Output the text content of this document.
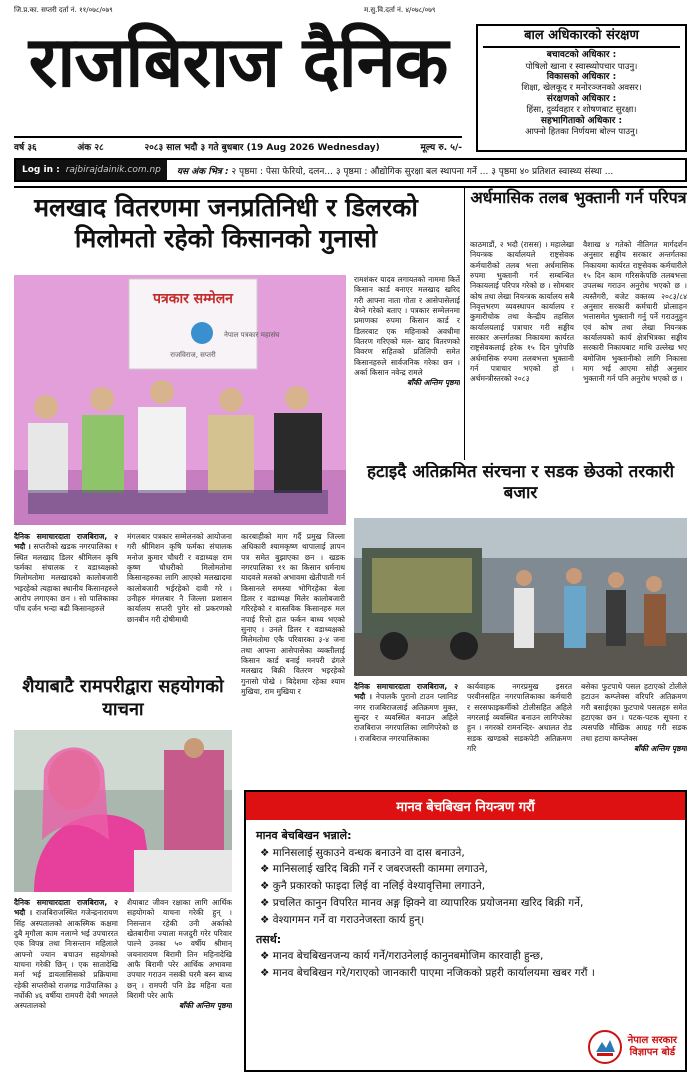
जि.प्र.का. सप्तरी दर्ता नं. ११/०७८/०७९	म.सु.वि.दर्ता नं. ४/०७८/०७९
राजबिराज दैनिक
वर्ष ३६	अंक २८	२०८३ साल भदौ ३ गते बुधबार (19 Aug 2026 Wednesday)	मूल्य रु. ५/-
बाल अधिकारको संरक्षण
बचावटको अधिकार :
पोषिलो खाना र स्वास्थ्योपचार पाउनु।
विकासको अधिकार :
शिक्षा, खेलकूद र मनोरञ्जनको अवसर।
संरक्षणको अधिकार :
हिंसा, दुर्व्यवहार र शोषणबाट सुरक्षा।
सहभागिताको अधिकार :
आफ्नो हितका निर्णयमा बोल्न पाउनु।
Log in : rajbirajdainik.com.np	यस अंक भित्र : २ पृष्ठमा : पेसा फेरियो, दलन... ३ पृष्ठमा : औद्योगिक सुरक्षा बल स्थापना गर्ने ... ३ पृष्ठमा ४० प्रतिशत स्वास्थ्य संस्था ...
मलखाद वितरणमा जनप्रतिनिधी र डिलरको मिलोमतो रहेको किसानको गुनासो
पत्रकार सम्मेलन
नेपाल पत्रकार महासंघ
राजविराज, सप्तरी
दैनिक समाचारदाता राजबिराज, २ भदौ । सप्तरीको खडक नगरपालिका १ स्थित मलखाद डिलर श्रीमिलन कृषि फर्मका संचालक र वडाध्यक्षको मिलोमतोमा मलखादको कालोबजारी भइरहेको त्यहाका स्थानीय किसानहरुले आरोप लगाएका छन । सो पालिकाका पाँच दर्जन भन्दा बढी किसानहरुले
मंगलबार पत्रकार सम्मेलनको आयोजना गरी श्रीमिशन कृषि फर्मका संचालक मनोज कुमार चौधरी र वडाध्यक्ष राम कृष्ण चौधरीको मिलोमतोमा किसानहरुका लागि आएको मलखादमा कालोबजारी भईरहेको दावी गरे । उनीहरु मंगलबार नै जिल्ला प्रशासन कार्यालय सप्तरी पुगेर सो प्रकरणको छानबीन गरी दोषीमाथी
कारबाहीको माग गर्दै प्रमुख जिल्ला अधिकारी श्यामकृष्ण थापालाई ज्ञापन पत्र समेत बुझाएका छन । खडक नगरपालिका ११ का किसान धर्मनाथ यादवले मलको अभावमा खेतीपाती गर्न किसानले समस्या भोगिरहेका बेला डिलर र वडाध्यक्ष मिलेर कालोबजारी गरिरहेको र वास्तविक किसानहरु मल नपाई रित्तो हात फर्कन बाध्य भएको सुनाए । उनले डिलर र वडाध्यक्षको मिलेमतोमा एकै परिवारका ३-४ जना तथा आफ्ना आसेपासेका व्यक्तीलाई किसान कार्ड बनाई मनपरी ढंगले मलखाद बिक्री वितरण भइरहेको गुनासो पोखे । बिदेशमा रहेका श्याम मुखिया, राम मुखिया र
रामशंकर यादव लगायतको नाममा किर्ते किसान कार्ड बनाएर मलखाद खरिद गरी आफ्ना नाता गोता र आसेपासेलाई बेच्ने गरेको बताए । पत्रकार सम्मेलनमा प्रमाणका रुपमा किसान कार्ड र डिलरबाट एक महिनाको अवधीमा वितरण गरिएको मल- खाद वितरणको विवरण सहितको प्रतिलिपी समेत किसानहरुले सार्वजनिक गरेका छन । अर्का किसान नवेन्द्र रामले
बाँकी अन्तिम पृष्ठमा
अर्धमासिक तलब भुक्तानी गर्न परिपत्र
काठमाडौं, २ भदौ (रासस) । महालेखा नियन्त्रक कार्यालयले राष्ट्रसेवक कर्मचारीको तलब भत्ता अर्धमासिक रुपमा भुक्तानी गर्न सम्बन्धित निकायलाई परिपत्र गरेको छ । सोमबार कोष तथा लेखा नियन्त्रक कार्यालय सबै निवृत्तभरण व्यवस्थापन कार्यालय र कुमारीचोक तथा केन्द्रीय तहसिल कार्यालयलाई पत्राचार गरी सङ्घीय सरकार अन्तर्गतका निकायमा कार्यरत राष्ट्रसेवकलाई हरेक १५ दिन पुगेपछि अर्धमासिक रुपमा तलबभत्ता भुक्तानी गर्न पत्राचार भएको हो । अर्थमन्त्रीस्तरको २०८३
वैशाख ४ गतेको नीतिगत मार्गदर्शन अनुसार सङ्घीय सरकार अन्तर्गतका निकायमा कार्यरत राष्ट्रसेवक कर्मचारीले १५ दिन काम गरिसकेपछि तलबभत्ता उपलब्ध गराउन अनुरोध भएको छ । त्यस्तैगरी, बजेट वक्तव्य २०८३/८४ अनुसार सरकारी कर्मचारी प्रोत्साहन भत्तासमेत भुक्तानी गर्नु पर्ने गराउनुहुन एवं कोष तथा लेखा नियन्त्रक कार्यालयको कार्य क्षेत्रभित्रका सङ्घीय सरकारी निकायबाट माथि उल्लेख भए बमोजिम भुक्तानीको लागि निकासा माग भई आएमा सोही अनुसार भुक्तानी गर्न पनि अनुरोध भएको छ ।
हटाइदै अतिक्रमित संरचना र सडक छेउको तरकारी बजार
दैनिक समाचारदाता राजबिराज, २ भदौ । नेपालकै पुरानो टाउन प्लानिङ नगर राजबिराजलाई अतिक्रमण मुक्त, सुन्दर र व्यवस्थित बनाउन अहिले राजबिराज नगरपालिका लागिपरेको छ । राजबिराज नगरपालिकाका
कार्यवाहक नगरप्रमुख इसरत परवीनसहित नगरपालिकाका कर्मचारी र सरसफाइकर्मीको टोलीसहित अहिले नगरलाई व्यवस्थित बनाउन लागिपरेका हुन । नगरको रामनन्दिर- अधालत रोड सडक खण्डको सडकपेटी अतिक्रमण गरि
बसेका फुटपाथे पसल हटाएको टोलीले हटाउन कम्प्लेक्स वरिपरि अतिक्रमण गरी बसाईएका फुटपाथे पसलहरु समेत हटाएका छन । पटक-पटक सूचना र त्यसपछि मौखिक आग्रह गरी सडक तथा हटाया कम्प्लेक्स
बाँकी अन्तिम पृष्ठमा
शैयाबाटै रामपरीद्वारा सहयोगको याचना
दैनिक समाचारदाता राजबिराज, २ भदौ । राजबिराजस्थित गजेन्द्रनारायण सिंह अस्पतालको आकस्मिक कक्षमा दुबै मृगौला काम नलाग्ने भई उपचाररत एक विपन्न तथा निःसन्तान महिलाले आफ्नो ज्यान बचाउन सहयोगको याचना गरेकी छिन् । एक सातादेखि मर्ना भई डायलासिसको प्रक्रियामा रहेकी सप्तरीको राजगढ गाउँपालिका ३ नर्घोकी ४६ वर्षीया रामपरी देवी भगतले अस्पतालको
शैयाबाट जीवन रक्षाका लागि आर्थिक सहयोगको याचना गरेकी हुन् । निसन्तान रहेकी उनी अर्काको खेतबारीमा ज्याला मजदुरी गरेर परिवार पाल्ने उनका ५० वर्षीय श्रीमान् जयनारायण बिरामी तिन महिनादेखि आफै बिरामी परेर आर्थिक अभावमा उपचार गराउन नसकी घरमै बस्न बाध्य छन् । रामपरी पनि डेढ महिना यता बिरामी परेर आफै
बाँकी अन्तिम पृष्ठमा
मानव बेचबिखन नियन्त्रण गरौं
मानव बेचबिखन भन्नाले:
❖ मानिसलाई सुकाउने वन्धक बनाउने वा दास बनाउने,
❖ मानिसलाई खरिद बिक्री गर्ने र जबरजस्ती काममा लगाउने,
❖ कुनै प्रकारको फाइदा लिई वा नलिई वेश्यावृत्तिमा लगाउने,
❖ प्रचलित कानुन विपरित मानव अङ्ग झिक्ने वा व्यापारिक प्रयोजनमा खरिद बिक्री गर्ने,
❖ वेश्यागमन गर्ने वा गराउनेजस्ता कार्य हुन्।
तसर्थ:
❖ मानव बेचबिखनजन्य कार्य गर्ने/गराउनेलाई कानुनबमोजिम कारवाही हुन्छ,
❖ मानव बेचबिखन गरे/गराएको जानकारी पाएमा नजिकको प्रहरी कार्यालयमा खबर गरौं ।
नेपाल सरकार
विज्ञापन बोर्ड
